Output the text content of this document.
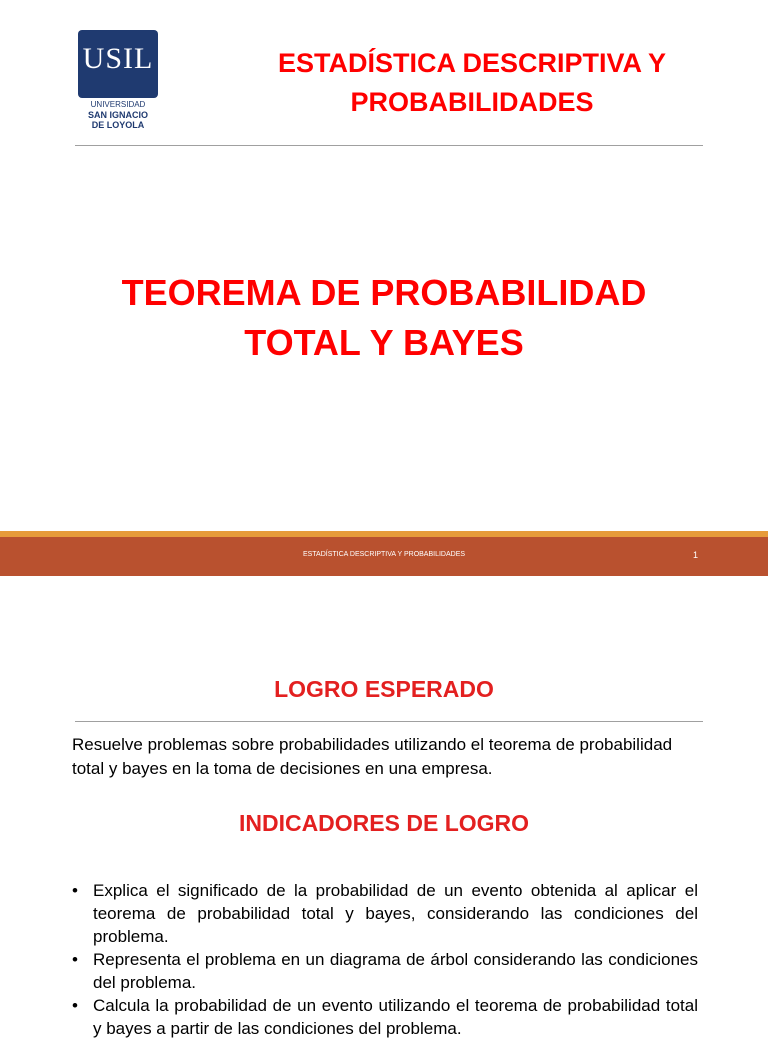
USIL
UNIVERSIDAD
SAN IGNACIO
DE LOYOLA
ESTADÍSTICA DESCRIPTIVA Y
PROBABILIDADES
TEOREMA DE PROBABILIDAD
TOTAL Y BAYES
ESTADÍSTICA DESCRIPTIVA Y PROBABILIDADES	1
LOGRO ESPERADO
Resuelve problemas sobre probabilidades utilizando el teorema de probabilidad total y bayes en la toma de decisiones en una empresa.
INDICADORES DE LOGRO
• Explica el significado de la probabilidad de un evento obtenida al aplicar el teorema de probabilidad total y bayes, considerando las condiciones del problema.
• Representa el problema en un diagrama de árbol considerando las condiciones del problema.
• Calcula la probabilidad de un evento utilizando el teorema de probabilidad total y bayes a partir de las condiciones del problema.
